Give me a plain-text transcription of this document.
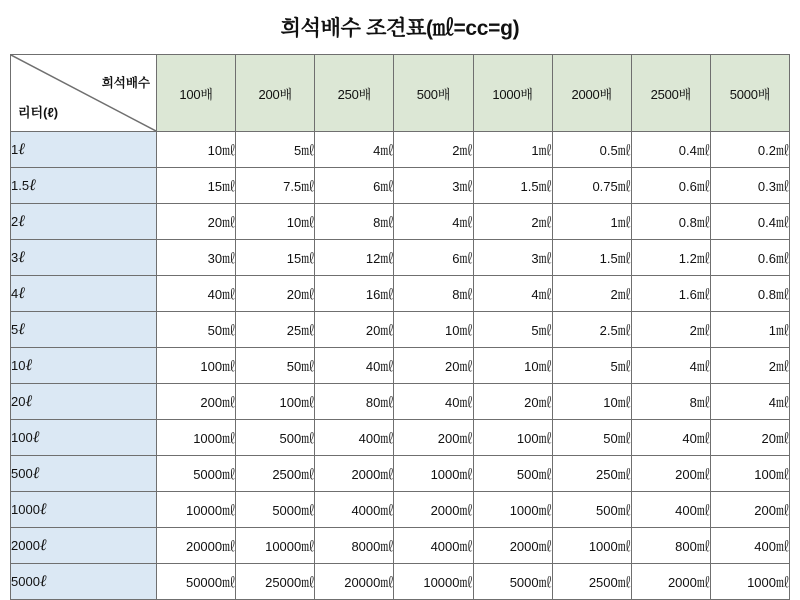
희석배수 조견표(㎖=cc=g)
희석배수
리터(ℓ)	100배	200배	250배	500배	1000배	2000배	2500배	5000배
1ℓ	10㎖	5㎖	4㎖	2㎖	1㎖	0.5㎖	0.4㎖	0.2㎖
1.5ℓ	15㎖	7.5㎖	6㎖	3㎖	1.5㎖	0.75㎖	0.6㎖	0.3㎖
2ℓ	20㎖	10㎖	8㎖	4㎖	2㎖	1㎖	0.8㎖	0.4㎖
3ℓ	30㎖	15㎖	12㎖	6㎖	3㎖	1.5㎖	1.2㎖	0.6㎖
4ℓ	40㎖	20㎖	16㎖	8㎖	4㎖	2㎖	1.6㎖	0.8㎖
5ℓ	50㎖	25㎖	20㎖	10㎖	5㎖	2.5㎖	2㎖	1㎖
10ℓ	100㎖	50㎖	40㎖	20㎖	10㎖	5㎖	4㎖	2㎖
20ℓ	200㎖	100㎖	80㎖	40㎖	20㎖	10㎖	8㎖	4㎖
100ℓ	1000㎖	500㎖	400㎖	200㎖	100㎖	50㎖	40㎖	20㎖
500ℓ	5000㎖	2500㎖	2000㎖	1000㎖	500㎖	250㎖	200㎖	100㎖
1000ℓ	10000㎖	5000㎖	4000㎖	2000㎖	1000㎖	500㎖	400㎖	200㎖
2000ℓ	20000㎖	10000㎖	8000㎖	4000㎖	2000㎖	1000㎖	800㎖	400㎖
5000ℓ	50000㎖	25000㎖	20000㎖	10000㎖	5000㎖	2500㎖	2000㎖	1000㎖
